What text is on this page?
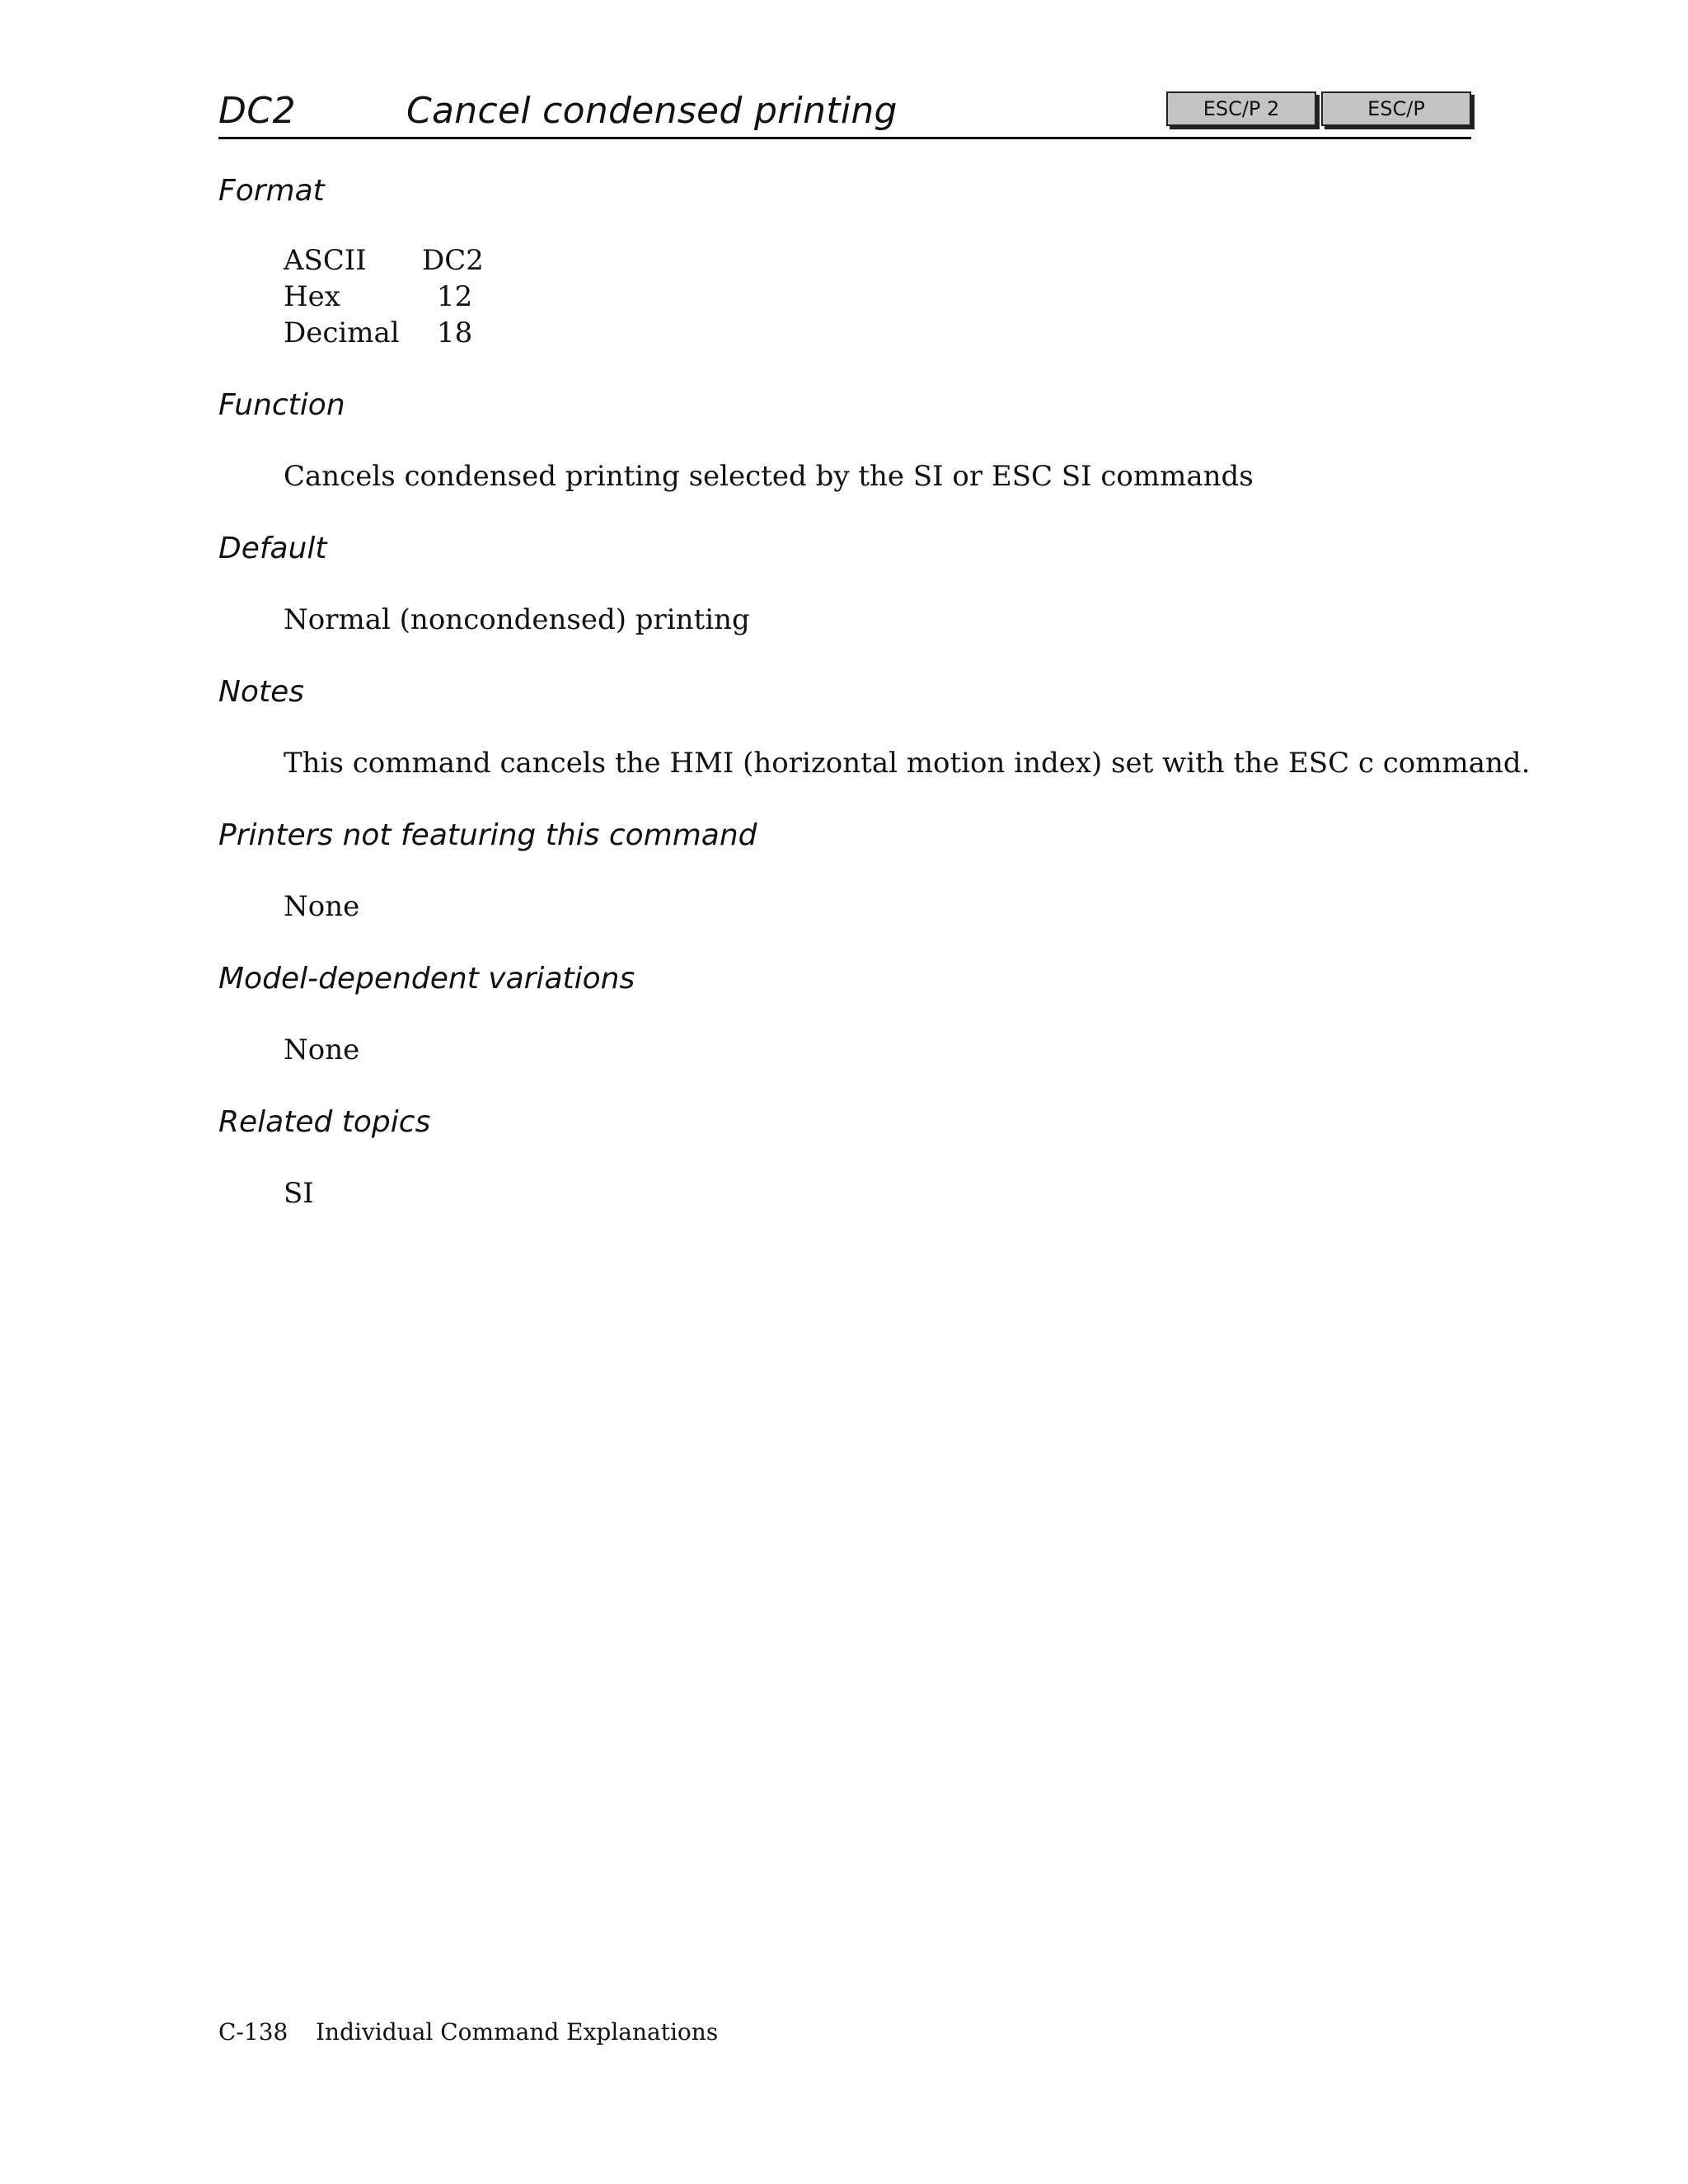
DC2	Cancel condensed printing	ESC/P 2	ESC/P
Format
ASCII	DC2
Hex	12
Decimal	18
Function
Cancels condensed printing selected by the SI or ESC SI commands
Default
Normal (noncondensed) printing
Notes
This command cancels the HMI (horizontal motion index) set with the ESC c command.
Printers not featuring this command
None
Model-dependent variations
None
Related topics
SI
C-138 Individual Command Explanations
